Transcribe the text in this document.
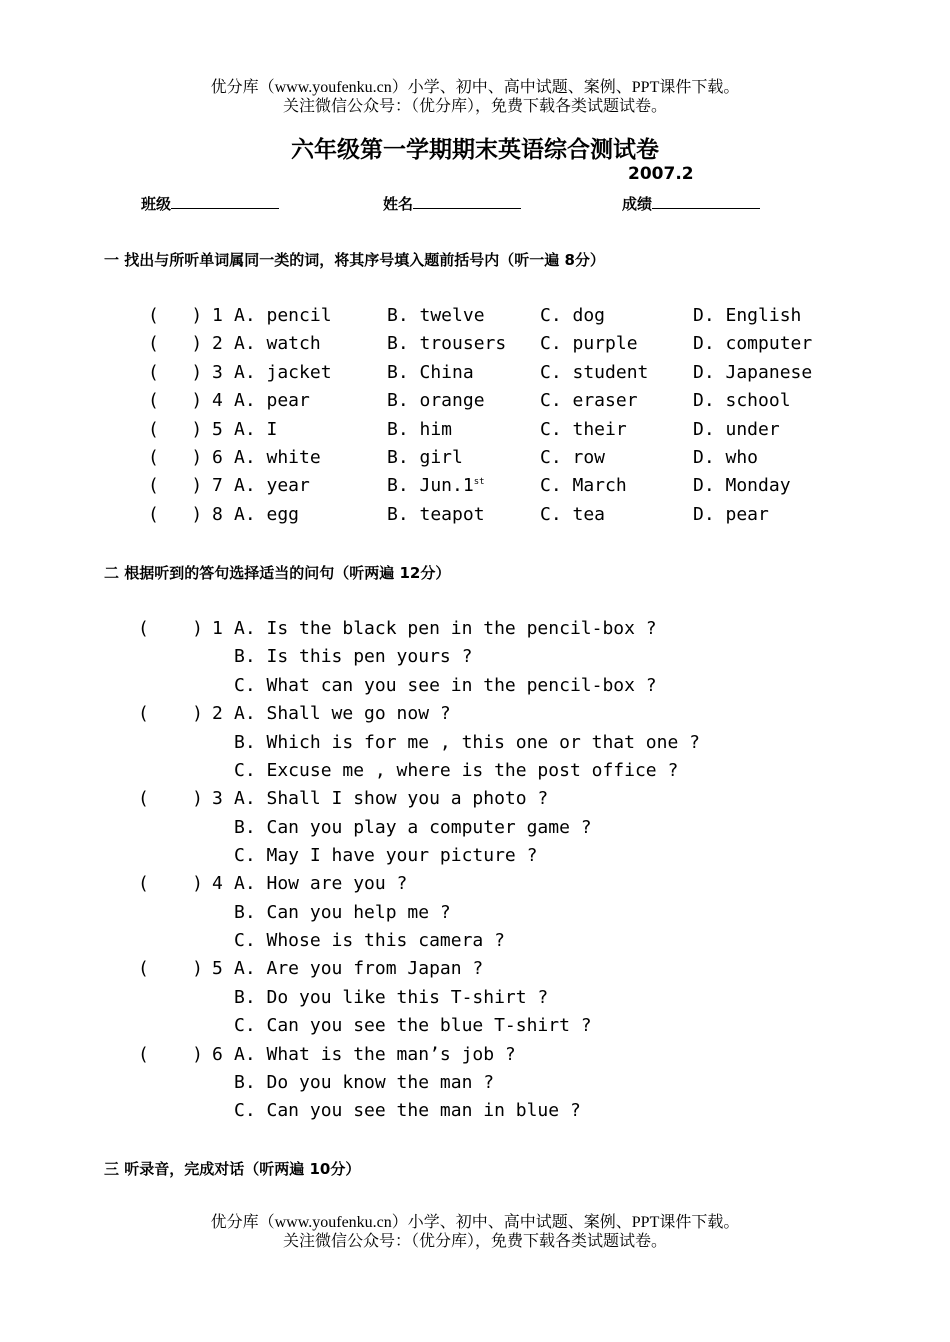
优分库（www.youfenku.cn）小学、初中、高中试题、案例、PPT课件下载。
关注微信公众号：（优分库），免费下载各类试题试卷。
六年级第一学期期末英语综合测试卷
2007.2
班级	姓名	成绩
一 找出与所听单词属同一类的词，将其序号填入题前括号内（听一遍 8分）
(   ) 1 A. pencil	B. twelve	C. dog	D. English
(   ) 2 A. watch	B. trousers C. purple	D. computer
(   ) 3 A. jacket	B. China	C. student D. Japanese
(   ) 4 A. pear	B. orange	C. eraser	D. school
(   ) 5 A. I	B. him	C. their	D. under
(   ) 6 A. white	B. girl	C. row	D. who
(   ) 7 A. year	B. Jun.1st	C. March	D. Monday
(   ) 8 A. egg	B. teapot	C. tea	D. pear
二 根据听到的答句选择适当的问句（听两遍 12分）
(    ) 1 A. Is the black pen in the pencil-box ?
B. Is this pen yours ?
C. What can you see in the pencil-box ?
(    ) 2 A. Shall we go now ?
B. Which is for me , this one or that one ?
C. Excuse me , where is the post office ?
(    ) 3 A. Shall I show you a photo ?
B. Can you play a computer game ?
C. May I have your picture ?
(    ) 4 A. How are you ?
B. Can you help me ?
C. Whose is this camera ?
(    ) 5 A. Are you from Japan ?
B. Do you like this T-shirt ?
C. Can you see the blue T-shirt ?
(    ) 6 A. What is the man’s job ?
B. Do you know the man ?
C. Can you see the man in blue ?
三 听录音，完成对话（听两遍 10分）
优分库（www.youfenku.cn）小学、初中、高中试题、案例、PPT课件下载。
关注微信公众号：（优分库），免费下载各类试题试卷。
